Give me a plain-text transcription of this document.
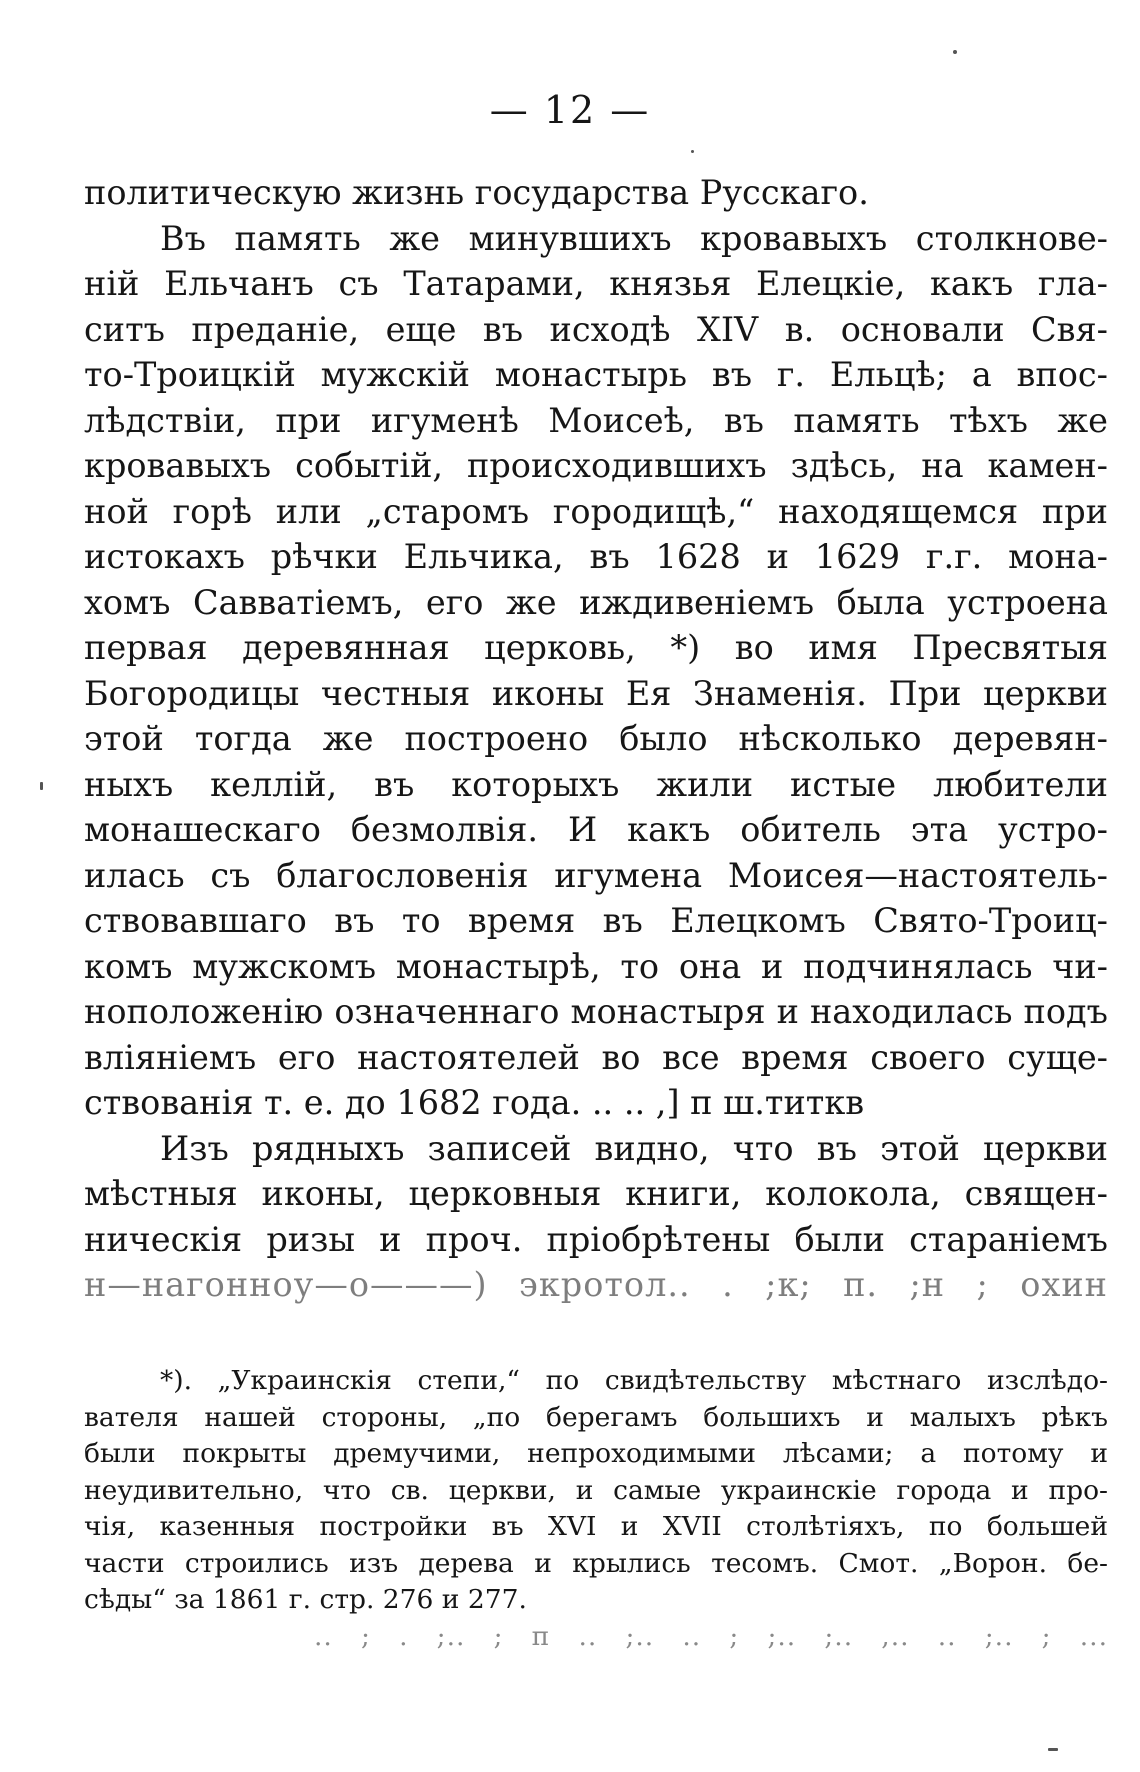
— 12 —
политическую жизнь государства Русскаго.
Въ память же минувшихъ кровавыхъ столкнове-
ній Ельчанъ съ Татарами, князья Елецкіе, какъ гла-
ситъ преданіе, еще въ исходѣ XIV в. основали Свя-
то-Троицкій мужскій монастырь въ г. Ельцѣ; а впос-
лѣдствіи, при игуменѣ Моисеѣ, въ память тѣхъ же
кровавыхъ событій, происходившихъ здѣсь, на камен-
ной горѣ или „старомъ городищѣ,“ находящемся при
истокахъ рѣчки Ельчика, въ 1628 и 1629 г.г. мона-
хомъ Савватіемъ, его же иждивеніемъ была устроена
первая деревянная церковь, *) во имя Пресвятыя
Богородицы честныя иконы Ея Знаменія. При церкви
этой тогда же построено было нѣсколько деревян-
ныхъ келлій, въ которыхъ жили истые любители
монашескаго безмолвія. И какъ обитель эта устро-
илась съ благословенія игумена Моисея—настоятель-
ствовавшаго въ то время въ Елецкомъ Свято-Троиц-
комъ мужскомъ монастырѣ, то она и подчинялась чи-
ноположенію означеннаго монастыря и находилась подъ
вліяніемъ его настоятелей во все время своего суще-
ствованія т. е. до 1682 года. .. .. ,] п ш.титкв
Изъ рядныхъ записей видно, что въ этой церкви
мѣстныя иконы, церковныя книги, колокола, священ-
ническія ризы и проч. пріобрѣтены были стараніемъ
н—нагонноу—о———) экротол.. . ;к; п. ;н ; охин
*). „Украинскія степи,“ по свидѣтельству мѣстнаго изслѣдо-
вателя нашей стороны, „по берегамъ большихъ и малыхъ рѣкъ
были покрыты дремучими, непроходимыми лѣсами; а потому и
неудивительно, что св. церкви, и самые украинскіе города и про-
чія, казенныя постройки въ XVI и XVII столѣтіяхъ, по большей
части строились изъ дерева и крылись тесомъ. Смот. „Ворон. бе-
сѣды“ за 1861 г. стр. 276 и 277.
.. ; . ;.. ; п .. ;.. .. ; ;.. ;.. ,.. .. ;.. ; ...
